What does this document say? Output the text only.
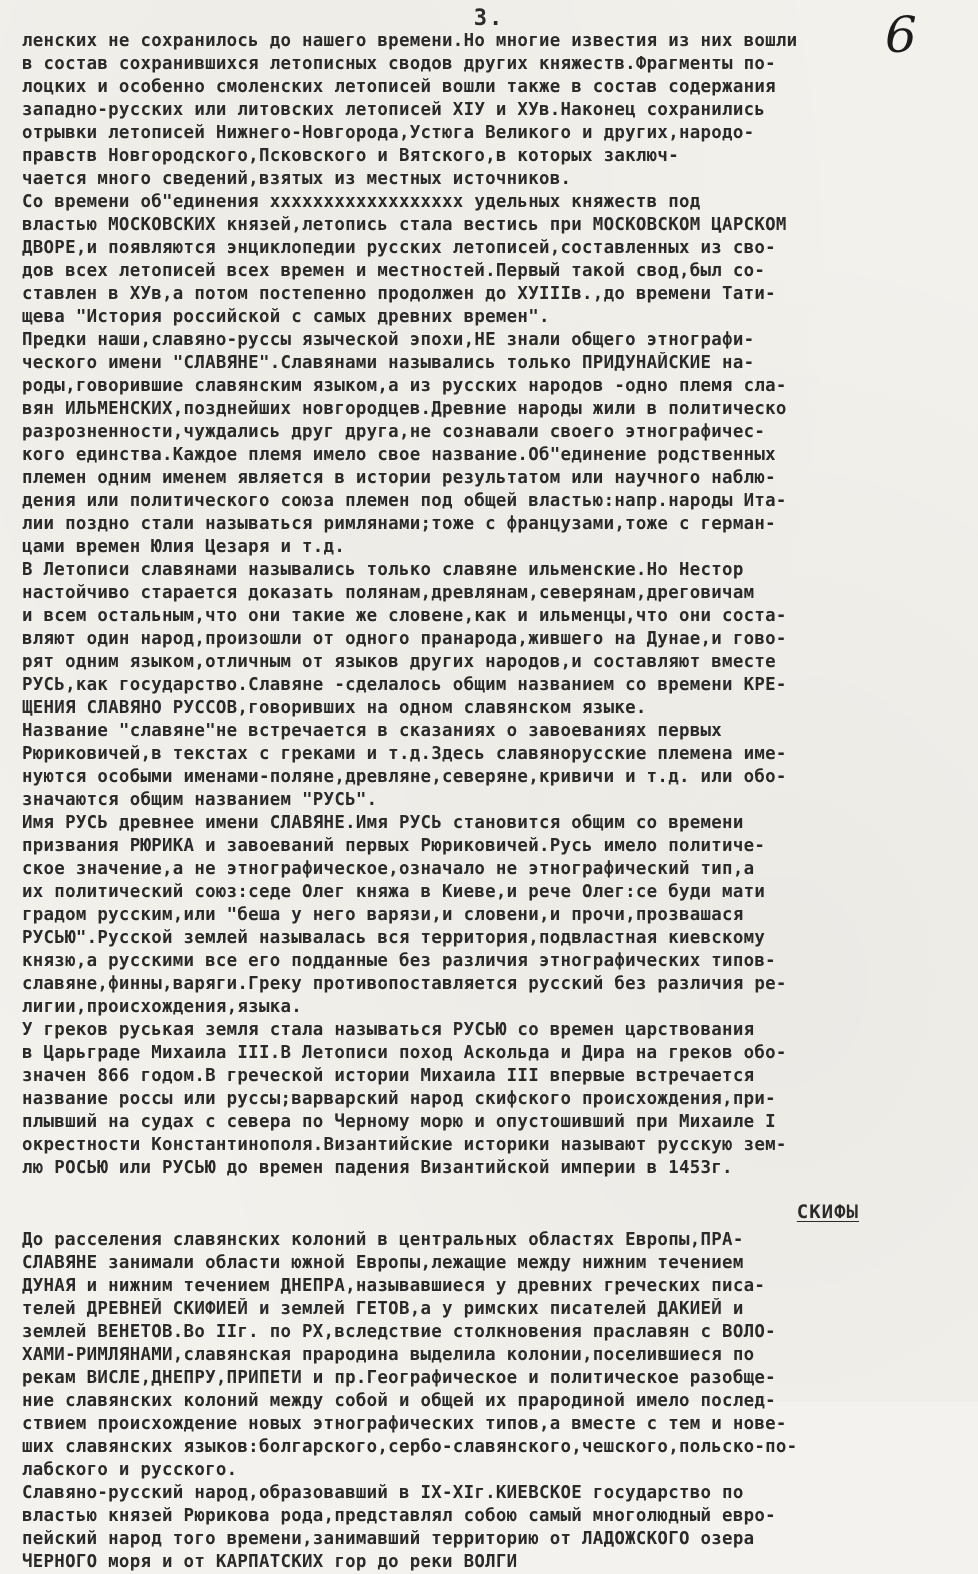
3.	6
ленских не сохранилось до нашего времени.Но многие известия из них вошли
в состав сохранившихся летописных сводов других княжеств.Фрагменты по-
лоцких и особенно смоленских летописей вошли также в состав содержания
западно-русских или литовских летописей XIУ и XУв.Наконец сохранились
отрывки летописей Нижнего-Новгорода,Устюга Великого и других,народо-
правств Новгородского,Псковского и Вятского,в которых заключ-
чается много сведений,взятых из местных источников.
Со времени об"единения хххххххххххххххххх удельных княжеств под
властью МОСКОВСКИХ князей,летопись стала вестись при МОСКОВСКОМ ЦАРСКОМ
ДВОРЕ,и появляются энциклопедии русских летописей,составленных из сво-
дов всех летописей всех времен и местностей.Первый такой свод,был со-
ставлен в XУв,а потом постепенно продолжен до XУIIIв.,до времени Тати-
щева "История российской с самых древних времен".
Предки наши,славяно-руссы языческой эпохи,НЕ знали общего этнографи-
ческого имени "СЛАВЯНЕ".Славянами назывались только ПРИДУНАЙСКИЕ на-
роды,говорившие славянским языком,а из русских народов -одно племя сла-
вян ИЛЬМЕНСКИХ,позднейших новгородцев.Древние народы жили в политическо
разрозненности,чуждались друг друга,не сознавали своего этнографичес-
кого единства.Каждое племя имело свое название.Об"единение родственных
племен одним именем является в истории результатом или научного наблю-
дения или политического союза племен под общей властью:напр.народы Ита-
лии поздно стали называться римлянами;тоже с французами,тоже с герман-
цами времен Юлия Цезаря и т.д.
В Летописи славянами назывались только славяне ильменские.Но Нестор
настойчиво старается доказать полянам,древлянам,северянам,дреговичам
и всем остальным,что они такие же словене,как и ильменцы,что они соста-
вляют один народ,произошли от одного пранарода,жившего на Дунае,и гово-
рят одним языком,отличным от языков других народов,и составляют вместе
РУСЬ,как государство.Славяне -сделалось общим названием со времени КРЕ-
ЩЕНИЯ СЛАВЯНО РУССОВ,говоривших на одном славянском языке.
Название "славяне"не встречается в сказаниях о завоеваниях первых
Рюриковичей,в текстах с греками и т.д.Здесь славянорусские племена име-
нуются особыми именами-поляне,древляне,северяне,кривичи и т.д. или обо-
значаются общим названием "РУСЬ".
Имя РУСЬ древнее имени СЛАВЯНЕ.Имя РУСЬ становится общим со времени
призвания РЮРИКА и завоеваний первых Рюриковичей.Русь имело политиче-
ское значение,а не этнографическое,означало не этнографический тип,а
их политический союз:седе Олег княжа в Киеве,и рече Олег:се буди мати
градом русским,или "беша у него варязи,и словени,и прочи,прозвашася
РУСЬЮ".Русской землей называлась вся территория,подвластная киевскому
князю,а русскими все его подданные без различия этнографических типов-
славяне,финны,варяги.Греку противопоставляется русский без различия ре-
лигии,происхождения,языка.
У греков руськая земля стала называться РУСЬЮ со времен царствования
в Царьграде Михаила III.В Летописи поход Аскольда и Дира на греков обо-
значен 866 годом.В греческой истории Михаила III впервые встречается
название россы или руссы;варварский народ скифского происхождения,при-
плывший на судах с севера по Черному морю и опустошивший при Михаиле I
окрестности Константинополя.Византийские историки называют русскую зем-
лю РОСЬЮ или РУСЬЮ до времен падения Византийской империи в 1453г.
СКИФЫ
До расселения славянских колоний в центральных областях Европы,ПРА-
СЛАВЯНЕ занимали области южной Европы,лежащие между нижним течением
ДУНАЯ и нижним течением ДНЕПРА,называвшиеся у древних греческих писа-
телей ДРЕВНЕЙ СКИФИЕЙ и землей ГЕТОВ,а у римских писателей ДАКИЕЙ и
землей ВЕНЕТОВ.Во IIг. по РХ,вследствие столкновения праславян с ВОЛО-
ХАМИ-РИМЛЯНАМИ,славянская прародина выделила колонии,поселившиеся по
рекам ВИСЛЕ,ДНЕПРУ,ПРИПЕТИ и пр.Географическое и политическое разобще-
ние славянских колоний между собой и общей их прародиной имело послед-
ствием происхождение новых этнографических типов,а вместе с тем и нове-
ших славянских языков:болгарского,сербо-славянского,чешского,польско-по-
лабского и русского.
Славяно-русский народ,образовавший в IX-XIг.КИЕВСКОЕ государство по
властью князей Рюрикова рода,представлял собою самый многолюдный евро-
пейский народ того времени,занимавший территорию от ЛАДОЖСКОГО озера
ЧЕРНОГО моря и от КАРПАТСКИХ гор до реки ВОЛГИ
